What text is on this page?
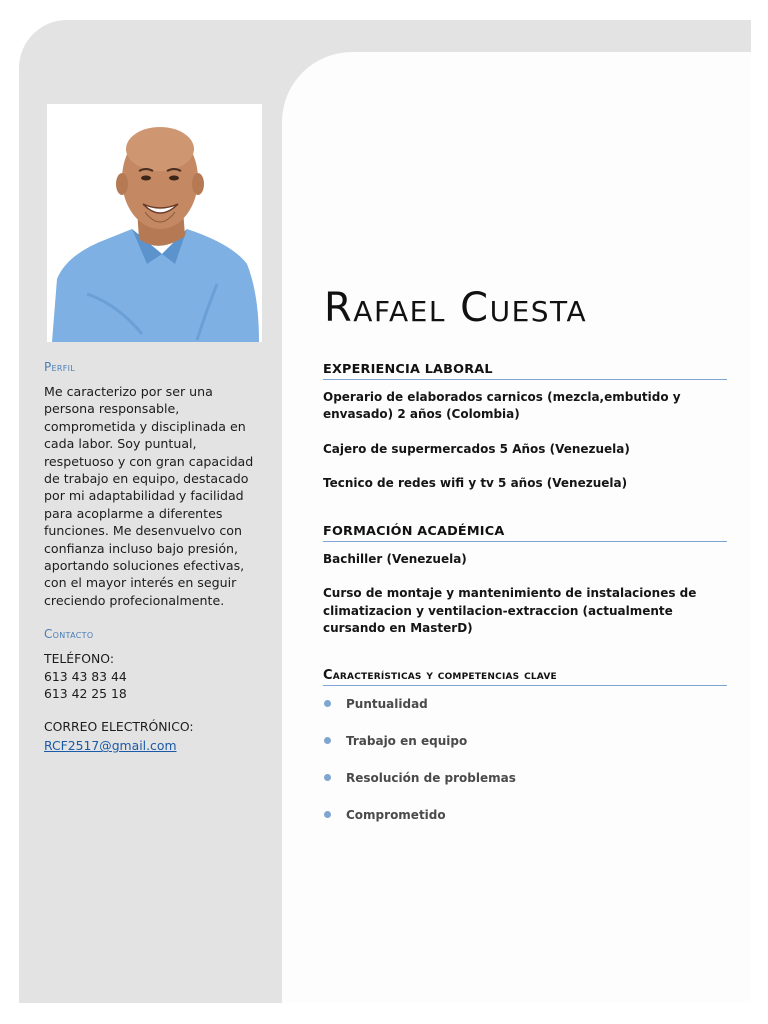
Perfil
Me caracterizo por ser una persona responsable, comprometida y disciplinada en cada labor. Soy puntual, respetuoso y con gran capacidad de trabajo en equipo, destacado por mi adaptabilidad y facilidad para acoplarme a diferentes funciones. Me desenvuelvo con confianza incluso bajo presión, aportando soluciones efectivas, con el mayor interés en seguir creciendo profecionalmente.
Contacto
TELÉFONO:
613 43 83 44
613 42 25 18
CORREO ELECTRÓNICO:
RCF2517@gmail.com
Rafael Cuesta
EXPERIENCIA LABORAL
Operario de elaborados carnicos (mezcla,embutido y envasado) 2 años (Colombia)
Cajero de supermercados 5 Años (Venezuela)
Tecnico de redes wifi y tv 5 años (Venezuela)
FORMACIÓN ACADÉMICA
Bachiller (Venezuela)
Curso de montaje y mantenimiento de instalaciones de climatizacion y ventilacion-extraccion (actualmente cursando en MasterD)
Características y competencias clave
Puntualidad
Trabajo en equipo
Resolución de problemas
Comprometido
